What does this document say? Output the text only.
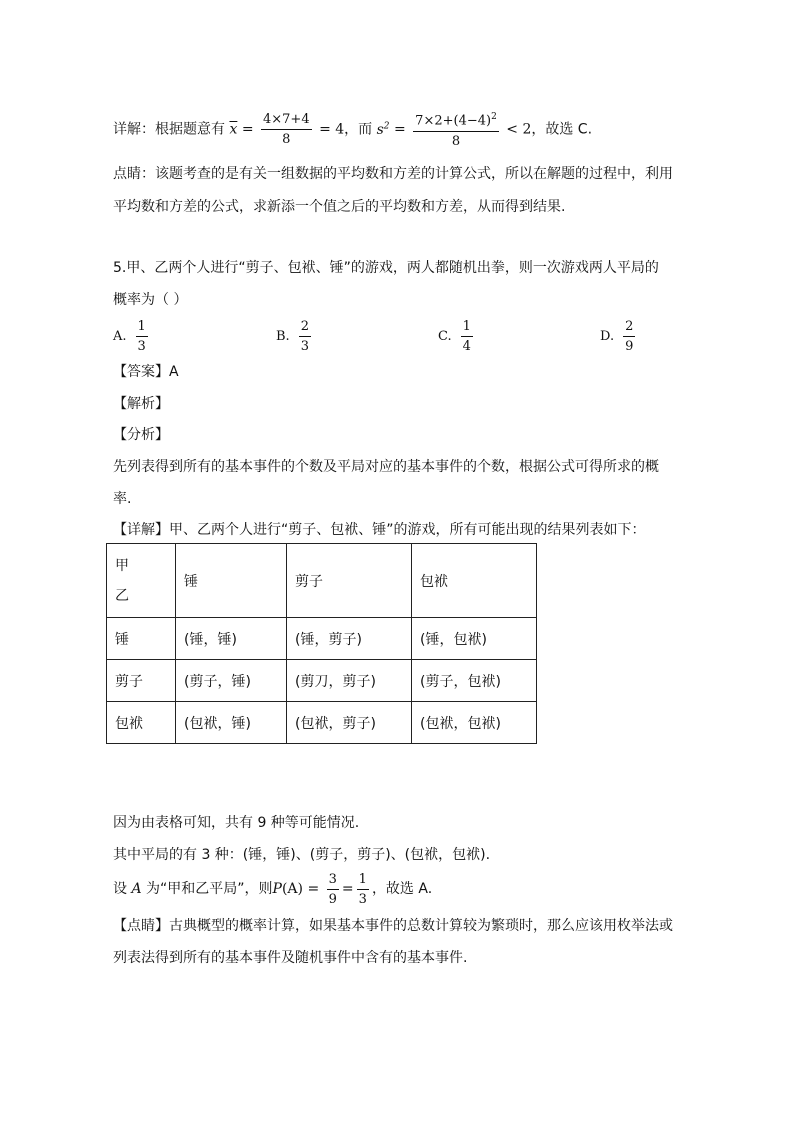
详解：根据题意有 $\overline{x} = \frac{4\times 7+4}{8} = 4$，而 $s^2 = \frac{7\times 2+(4-4)^2}{8} < 2$，故选 C.
点睛：该题考查的是有关一组数据的平均数和方差的计算公式，所以在解题的过程中，利用
平均数和方差的公式，求新添一个值之后的平均数和方差，从而得到结果.
5.甲、乙两个人进行“剪子、包袱、锤”的游戏，两人都随机出拳，则一次游戏两人平局的
概率为（ ）
A. $\frac{1}{3}$	B. $\frac{2}{3}$	C. $\frac{1}{4}$	D. $\frac{2}{9}$
【答案】A
【解析】
【分析】
先列表得到所有的基本事件的个数及平局对应的基本事件的个数，根据公式可得所求的概
率.
【详解】甲、乙两个人进行“剪子、包袱、锤”的游戏，所有可能出现的结果列表如下：
甲
乙	锤	剪子	包袱
锤	(锤，锤)	(锤，剪子)	(锤，包袱)
剪子	(剪子，锤)	(剪刀，剪子)	(剪子，包袱)
包袱	(包袱，锤)	(包袱，剪子)	(包袱，包袱)
因为由表格可知，共有 9 种等可能情况.
其中平局的有 3 种：(锤，锤)、(剪子，剪子)、(包袱，包袱).
设 A 为“甲和乙平局”，则$P(A) = \frac{3}{9} = \frac{1}{3}$ ，故选 A.
【点睛】古典概型的概率计算，如果基本事件的总数计算较为繁琐时，那么应该用枚举法或
列表法得到所有的基本事件及随机事件中含有的基本事件.
